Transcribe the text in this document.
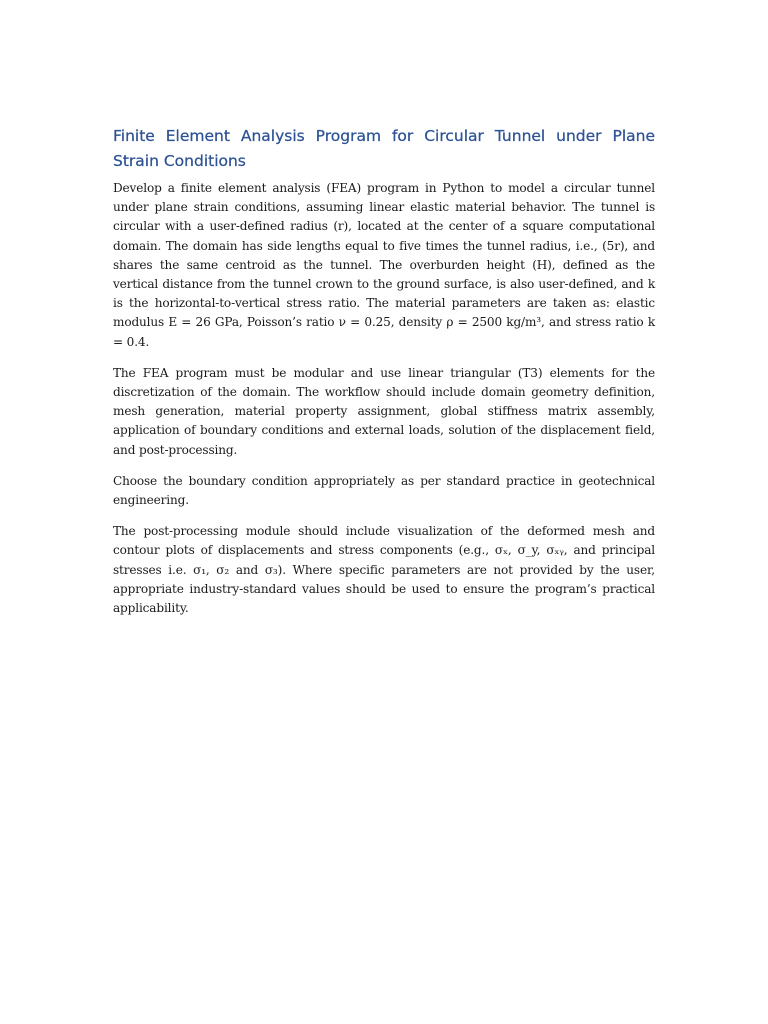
Finite Element Analysis Program for Circular Tunnel under Plane Strain Conditions

Develop a finite element analysis (FEA) program in Python to model a circular tunnel under plane strain conditions, assuming linear elastic material behavior. The tunnel is circular with a user-defined radius (r), located at the center of a square computational domain. The domain has side lengths equal to five times the tunnel radius, i.e., (5r), and shares the same centroid as the tunnel. The overburden height (H), defined as the vertical distance from the tunnel crown to the ground surface, is also user-defined, and k is the horizontal-to-vertical stress ratio. The material parameters are taken as: elastic modulus E = 26 GPa, Poisson’s ratio ν = 0.25, density ρ = 2500 kg/m³, and stress ratio k = 0.4.

The FEA program must be modular and use linear triangular (T3) elements for the discretization of the domain. The workflow should include domain geometry definition, mesh generation, material property assignment, global stiffness matrix assembly, application of boundary conditions and external loads, solution of the displacement field, and post-processing.

Choose the boundary condition appropriately as per standard practice in geotechnical engineering.

The post-processing module should include visualization of the deformed mesh and contour plots of displacements and stress components (e.g., σₓ, σ_y, σₓᵧ, and principal stresses i.e. σ₁, σ₂ and σ₃). Where specific parameters are not provided by the user, appropriate industry-standard values should be used to ensure the program’s practical applicability.
